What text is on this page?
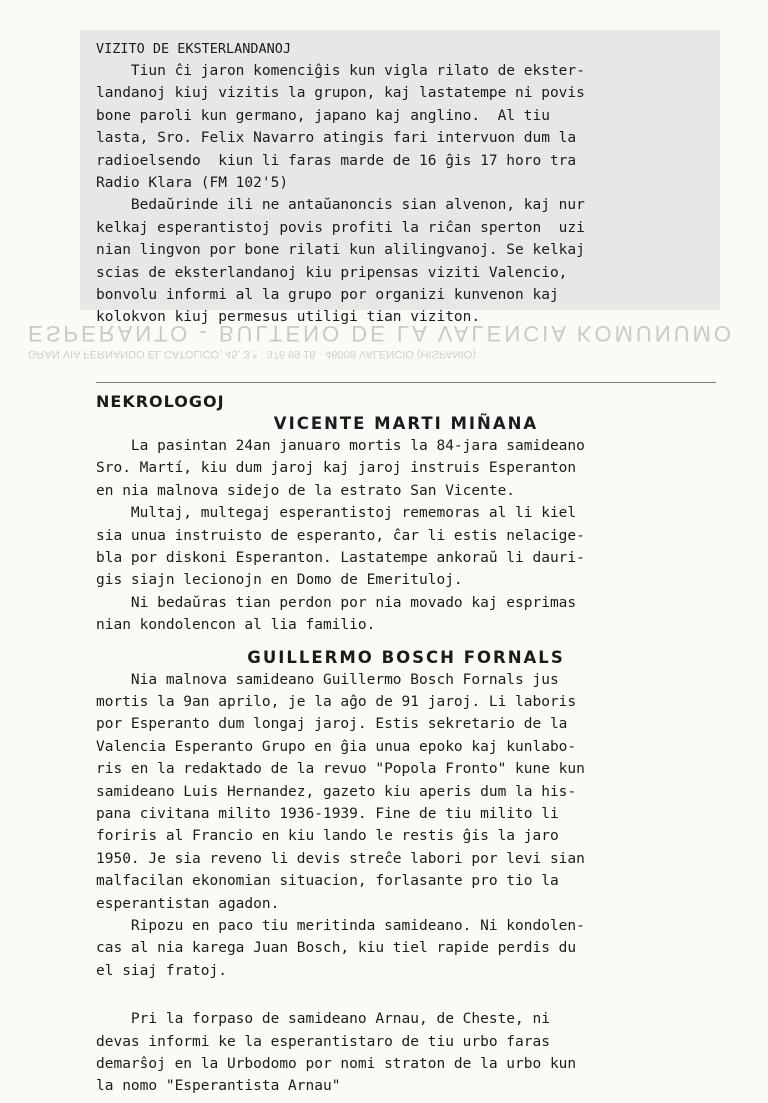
ESPERANTO - BULTENO DE LA VALENCIA KOMUNUMO
GRAN VIA FERNANDO EL CATOLICO, 45, 3.ª · 376 99 16 · 46008 VALENCIO (HISPANIO)
VIZITO DE EKSTERLANDANOJ
Tiun ĉi jaron komenciĝis kun vigla rilato de ekster-
landanoj kiuj vizitis la grupon, kaj lastatempe ni povis
bone paroli kun germano, japano kaj anglino.  Al tiu
lasta, Sro. Felix Navarro atingis fari intervuon dum la
radioelsendo  kiun li faras marde de 16 ĝis 17 horo tra
Radio Klara (FM 102'5)
Bedaŭrinde ili ne antaŭanoncis sian alvenon, kaj nur
kelkaj esperantistoj povis profiti la riĉan sperton  uzi
nian lingvon por bone rilati kun alilingvanoj. Se kelkaj
scias de eksterlandanoj kiu pripensas viziti Valencio,
bonvolu informi al la grupo por organizi kunvenon kaj
kolokvon kiuj permesus utiligi tian viziton.
NEKROLOGOJ
VICENTE MARTI MIÑANA
La pasintan 24an januaro mortis la 84-jara samideano
Sro. Martí, kiu dum jaroj kaj jaroj instruis Esperanton
en nia malnova sidejo de la estrato San Vicente.
Multaj, multegaj esperantistoj rememoras al li kiel
sia unua instruisto de esperanto, ĉar li estis nelacige-
bla por diskoni Esperanton. Lastatempe ankoraŭ li dauri-
gis siajn lecionojn en Domo de Emerituloj.
Ni bedaŭras tian perdon por nia movado kaj esprimas
nian kondolencon al lia familio.
GUILLERMO BOSCH FORNALS
Nia malnova samideano Guillermo Bosch Fornals jus
mortis la 9an aprilo, je la aĝo de 91 jaroj. Li laboris
por Esperanto dum longaj jaroj. Estis sekretario de la
Valencia Esperanto Grupo en ĝia unua epoko kaj kunlabo-
ris en la redaktado de la revuo "Popola Fronto" kune kun
samideano Luis Hernandez, gazeto kiu aperis dum la his-
pana civitana milito 1936-1939. Fine de tiu milito li
foriris al Francio en kiu lando le restis ĝis la jaro
1950. Je sia reveno li devis streĉe labori por levi sian
malfacilan ekonomian situacion, forlasante pro tio la
esperantistan agadon.
Ripozu en paco tiu meritinda samideano. Ni kondolen-
cas al nia karega Juan Bosch, kiu tiel rapide perdis du
el siaj fratoj.
Pri la forpaso de samideano Arnau, de Cheste, ni
devas informi ke la esperantistaro de tiu urbo faras
demarŝoj en la Urbodomo por nomi straton de la urbo kun
la nomo "Esperantista Arnau"
